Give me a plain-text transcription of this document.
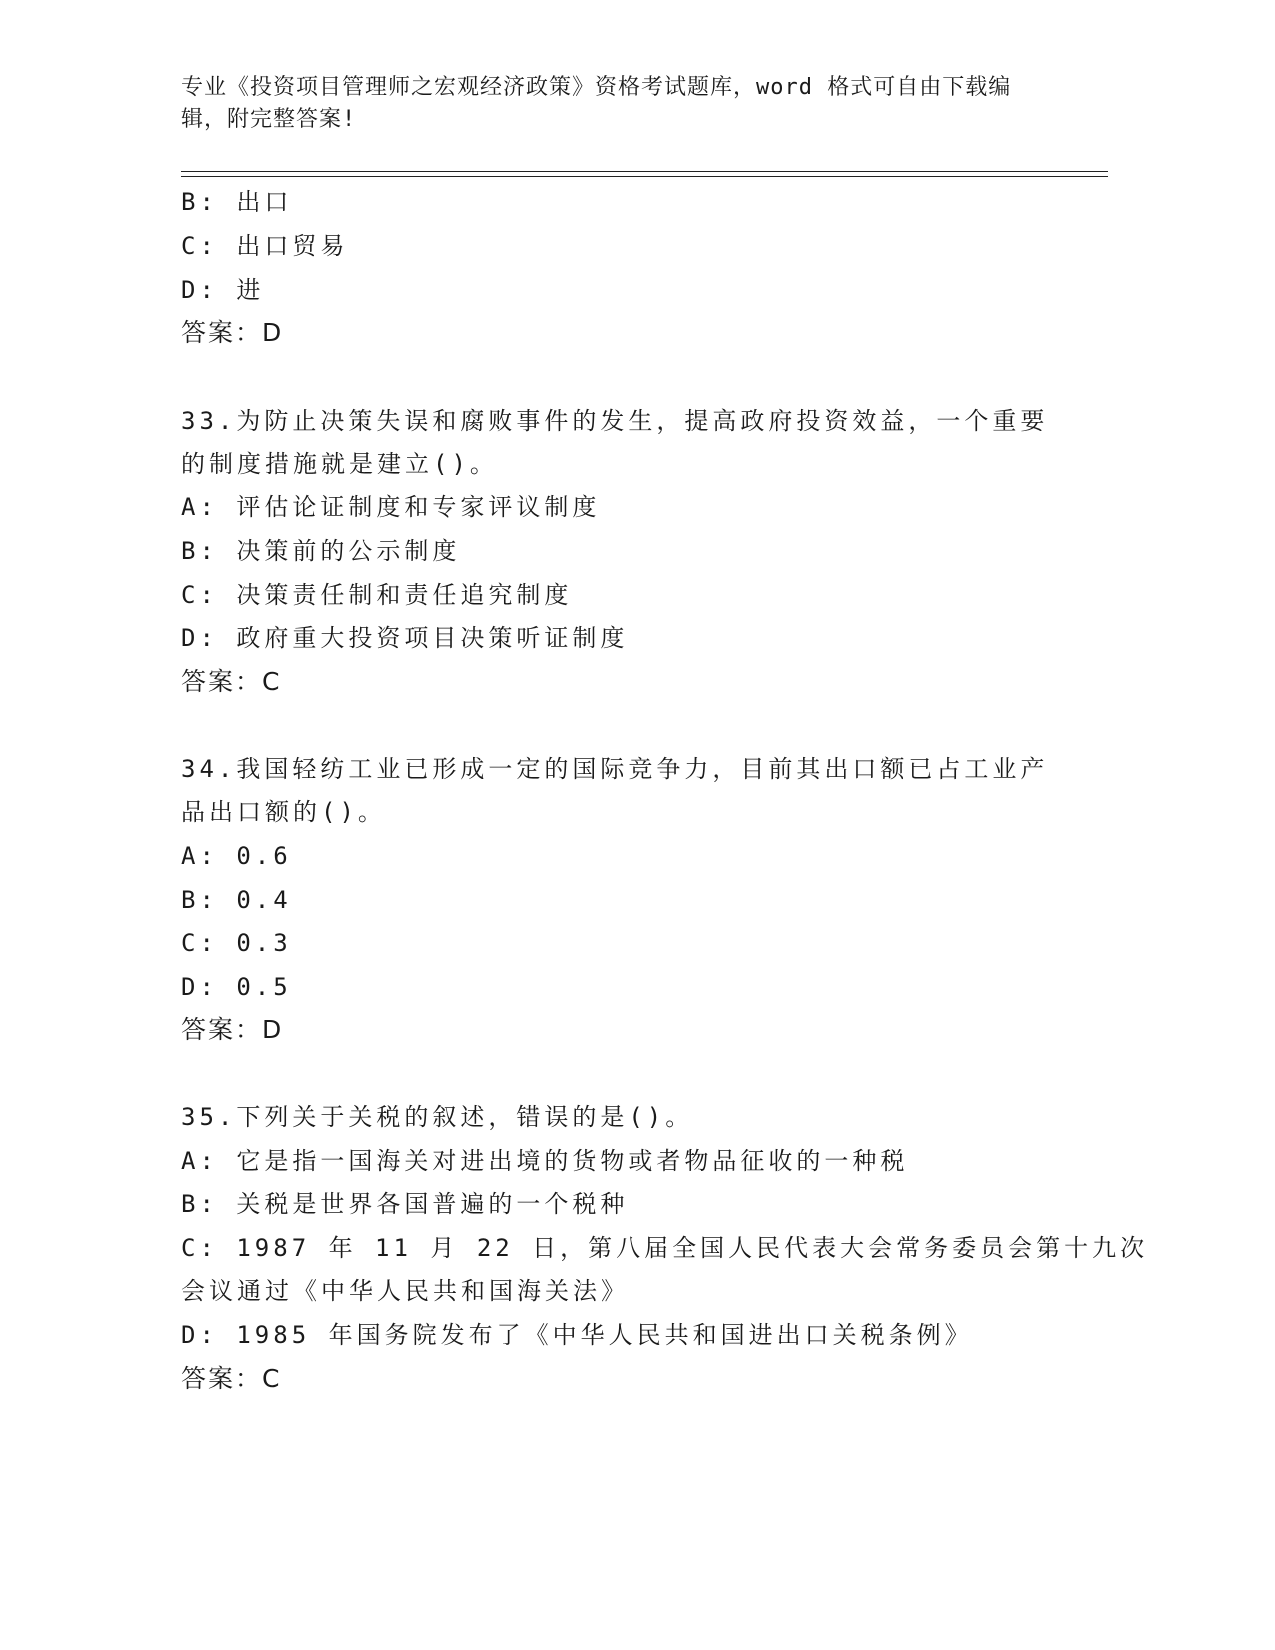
专业《投资项目管理师之宏观经济政策》资格考试题库，word 格式可自由下载编
辑，附完整答案!
B: 出口
C: 出口贸易
D: 进
答案：D
33.为防止决策失误和腐败事件的发生，提高政府投资效益，一个重要
的制度措施就是建立()。
A: 评估论证制度和专家评议制度
B: 决策前的公示制度
C: 决策责任制和责任追究制度
D: 政府重大投资项目决策听证制度
答案：C
34.我国轻纺工业已形成一定的国际竞争力，目前其出口额已占工业产
品出口额的()。
A: 0.6
B: 0.4
C: 0.3
D: 0.5
答案：D
35.下列关于关税的叙述，错误的是()。
A: 它是指一国海关对进出境的货物或者物品征收的一种税
B: 关税是世界各国普遍的一个税种
C: 1987 年 11 月 22 日，第八届全国人民代表大会常务委员会第十九次
会议通过《中华人民共和国海关法》
D: 1985 年国务院发布了《中华人民共和国进出口关税条例》
答案：C
